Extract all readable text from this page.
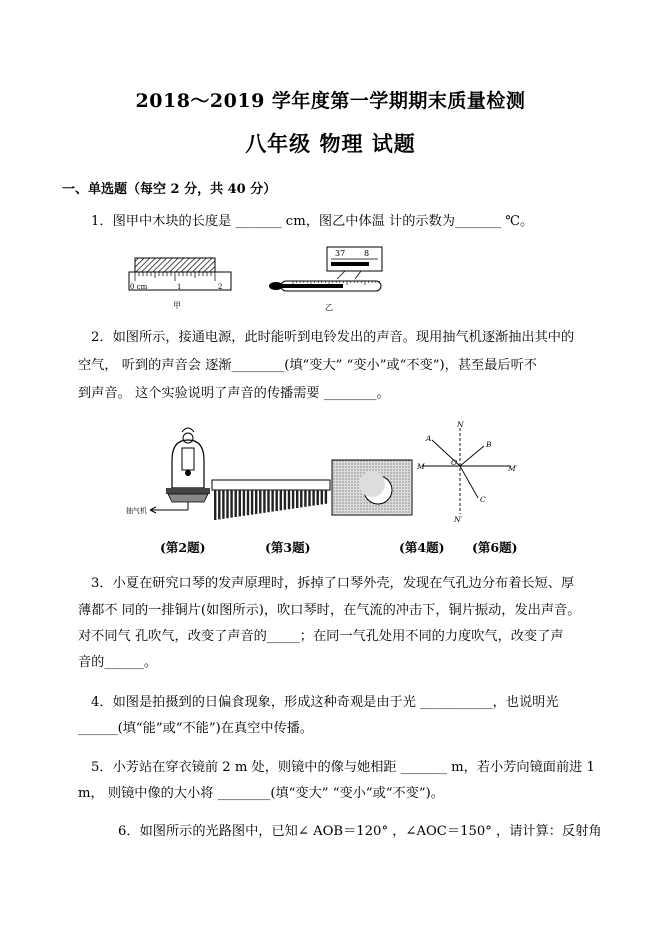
2018～2019 学年度第一学期期末质量检测
八年级 物理 试题
一、单选题（每空 2 分，共 40 分）
1．图甲中木块的长度是 _______ cm，图乙中体温 计的示数为_______ ℃。
0 cm	1	2
甲
37 8
乙
2．如图所示，接通电源，此时能听到电铃发出的声音。现用抽气机逐渐抽出其中的
空气， 听到的声音会 逐渐________(填“变大” “变小”或“不变”)，甚至最后听不
到声音。 这个实验说明了声音的传播需要 ________。
抽气机
N
A
B
M	O
M′
C
N′
(第2题)	(第3题)	(第4题) (第6题)
3．小夏在研究口琴的发声原理时，拆掉了口琴外壳，发现在气孔边分布着长短、厚
薄都不 同的一排铜片(如图所示)，吹口琴时，在气流的冲击下，铜片振动，发出声音。
对不同气 孔吹气，改变了声音的_____；在同一气孔处用不同的力度吹气，改变了声
音的______。
4．如图是拍摄到的日偏食现象，形成这种奇观是由于光 ___________，也说明光
______(填“能”或“不能”)在真空中传播。
5．小芳站在穿衣镜前 2 m 处，则镜中的像与她相距 _______ m，若小芳向镜面前进 1
m， 则镜中像的大小将 ________(填“变大” “变小”或“不变”)。
6．如图所示的光路图中，已知∠ AOB＝120° ，∠AOC＝150° ，请计算：反射角
